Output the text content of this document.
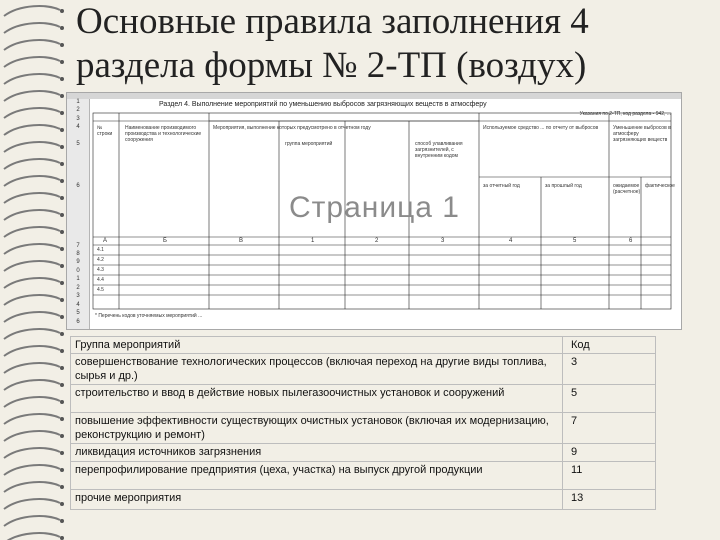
Основные правила заполнения 4
раздела формы № 2-ТП (воздух)
1
2
3
4
5
6
7
8
9
0
1
2
3
4
5
6
Раздел 4. Выполнение мероприятий по уменьшению выбросов загрязняющих веществ в атмосферу
Указания по 2-ТП, код раздела - 942, ...
№ строки
Наименование производимого производства и технологические сооружения
Мероприятия, выполнение которых предусмотрено в отчетном году
группа мероприятий	способ улавливания загрязнителей, с внутренним кодом
Используемое средство ... по отчету от выбросов
за отчетный год	за прошлый год
Уменьшение выбросов в атмосферу загрязняющих веществ
ожидаемое (расчетное)
фактическое
А	Б	В	1	2	3	4	5	6
4.1
4.2
4.3
4.4
4.5
* Перечень кодов уточняемых мероприятий ...
Страница 1
Группа мероприятий	Код
совершенствование технологических процессов (включая переход на другие виды топлива, сырья и др.)	3
строительство и ввод в действие новых пылегазоочистных установок и сооружений	5
повышение эффективности существующих очистных установок (включая их модернизацию, реконструкцию и ремонт)	7
ликвидация источников загрязнения	9
перепрофилирование предприятия (цеха, участка) на выпуск другой продукции	11
прочие мероприятия	13
